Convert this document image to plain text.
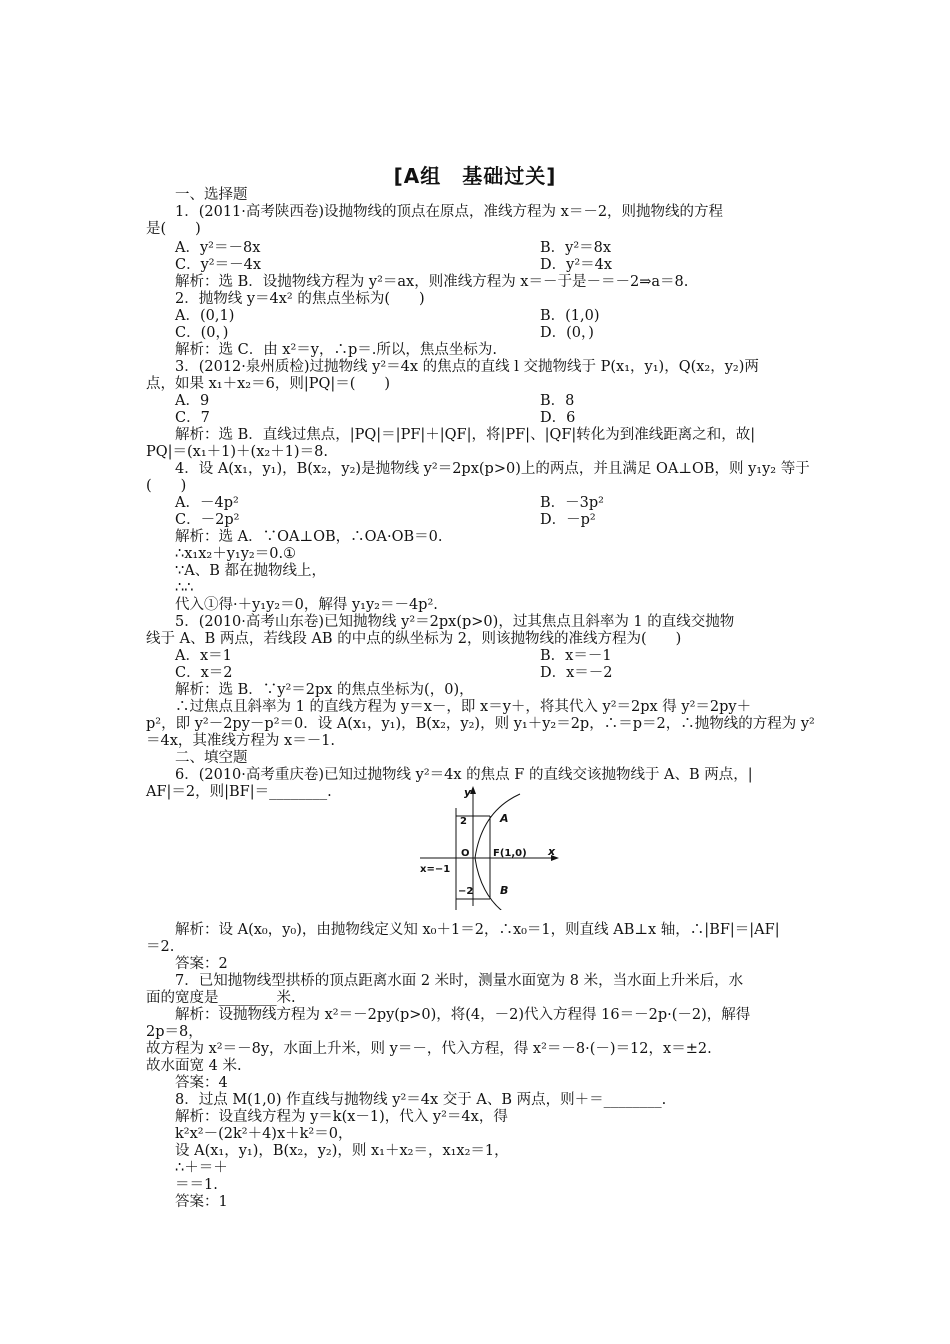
[A组　基础过关]
一、选择题
1．(2011·高考陕西卷)设抛物线的顶点在原点，准线方程为 x＝－2，则抛物线的方程
是(　　)
A．y²＝－8x	B．y²＝8x
C．y²＝－4x	D．y²＝4x
解析：选 B．设抛物线方程为 y²＝ax，则准线方程为 x＝－于是－＝－2⇒a＝8.
2．抛物线 y＝4x² 的焦点坐标为(　　)
A．(0,1)	B．(1,0)
C．(0，)	D．(0，)
解析：选 C．由 x²＝y，∴p＝.所以，焦点坐标为.
3．(2012·泉州质检)过抛物线 y²＝4x 的焦点的直线 l 交抛物线于 P(x₁，y₁)，Q(x₂，y₂)两
点，如果 x₁＋x₂＝6，则|PQ|＝(　　)
A．9	B．8
C．7	D．6
解析：选 B．直线过焦点，|PQ|＝|PF|＋|QF|，将|PF|、|QF|转化为到准线距离之和，故|
PQ|＝(x₁＋1)＋(x₂＋1)＝8.
4．设 A(x₁，y₁)，B(x₂，y₂)是抛物线 y²＝2px(p>0)上的两点，并且满足 OA⊥OB，则 y₁y₂ 等于
(　　)
A．－4p²	B．－3p²
C．－2p²	D．－p²
解析：选 A．∵OA⊥OB，∴OA·OB＝0.
∴x₁x₂＋y₁y₂＝0.①
∵A、B 都在抛物线上，
∴∴
代入①得·＋y₁y₂＝0，解得 y₁y₂＝－4p².
5．(2010·高考山东卷)已知抛物线 y²＝2px(p>0)，过其焦点且斜率为 1 的直线交抛物
线于 A、B 两点，若线段 AB 的中点的纵坐标为 2，则该抛物线的准线方程为(　　)
A．x＝1	B．x＝－1
C．x＝2	D．x＝－2
解析：选 B．∵y²＝2px 的焦点坐标为(，0)，
∴过焦点且斜率为 1 的直线方程为 y＝x－，即 x＝y＋，将其代入 y²＝2px 得 y²＝2py＋
p²，即 y²－2py－p²＝0．设 A(x₁，y₁)，B(x₂，y₂)，则 y₁＋y₂＝2p，∴＝p＝2，∴抛物线的方程为 y²
＝4x，其准线方程为 x＝－1.
二、填空题
6．(2010·高考重庆卷)已知过抛物线 y²＝4x 的焦点 F 的直线交该抛物线于 A、B 两点，|
AF|＝2，则|BF|＝________.
解析：设 A(x₀，y₀)，由抛物线定义知 x₀＋1＝2，∴x₀＝1，则直线 AB⊥x 轴，∴|BF|＝|AF|
＝2.
答案：2
7．已知抛物线型拱桥的顶点距离水面 2 米时，测量水面宽为 8 米，当水面上升米后，水
面的宽度是________米.
解析：设抛物线方程为 x²＝－2py(p>0)，将(4，－2)代入方程得 16＝－2p·(－2)，解得
2p＝8，
故方程为 x²＝－8y，水面上升米，则 y＝－，代入方程，得 x²＝－8·(－)＝12，x＝±2.
故水面宽 4 米.
答案：4
8．过点 M(1,0) 作直线与抛物线 y²＝4x 交于 A、B 两点，则＋＝________.
解析：设直线方程为 y＝k(x－1)，代入 y²＝4x，得
k²x²－(2k²＋4)x＋k²＝0，
设 A(x₁，y₁)，B(x₂，y₂)，则 x₁＋x₂＝，x₁x₂＝1，
∴＋＝＋
＝＝1.
答案：1
y
x
A
B
2
−2
O F(1,0)
x=−1
